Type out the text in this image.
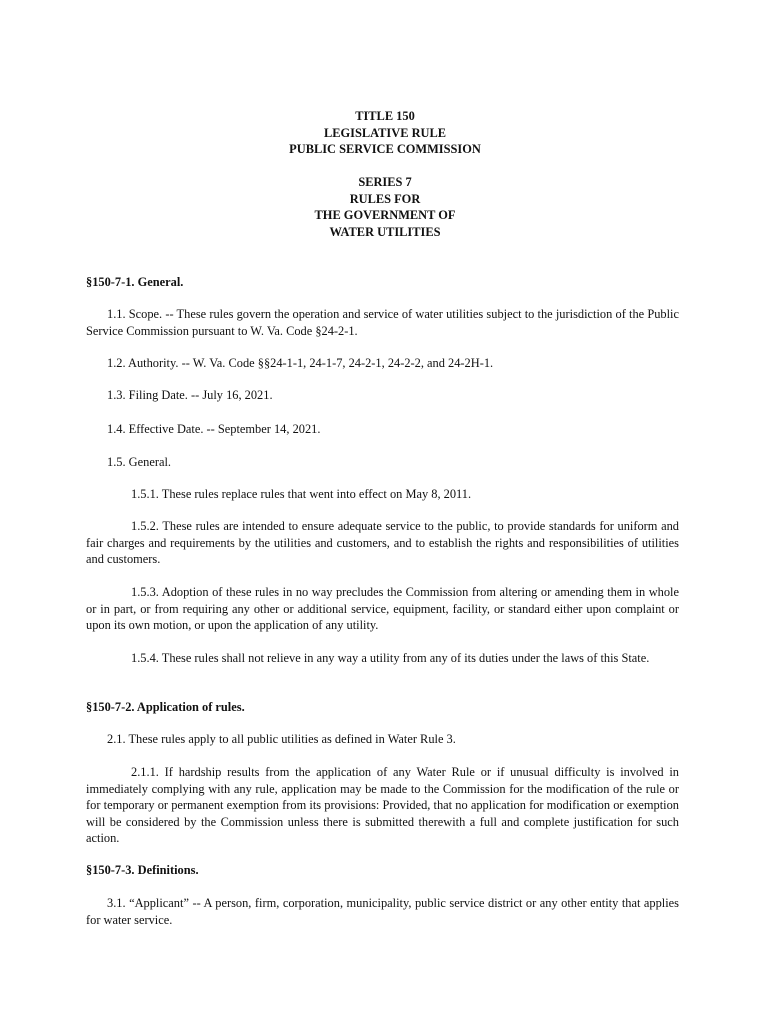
TITLE 150
LEGISLATIVE RULE
PUBLIC SERVICE COMMISSION
SERIES 7
RULES FOR
THE GOVERNMENT OF
WATER UTILITIES
§150-7-1. General.
1.1. Scope. -- These rules govern the operation and service of water utilities subject to the jurisdiction of the Public Service Commission pursuant to W. Va. Code §24-2-1.
1.2. Authority. -- W. Va. Code §§24-1-1, 24-1-7, 24-2-1, 24-2-2, and 24-2H-1.
1.3. Filing Date. -- July 16, 2021.
1.4. Effective Date. -- September 14, 2021.
1.5. General.
1.5.1. These rules replace rules that went into effect on May 8, 2011.
1.5.2. These rules are intended to ensure adequate service to the public, to provide standards for uniform and fair charges and requirements by the utilities and customers, and to establish the rights and responsibilities of utilities and customers.
1.5.3. Adoption of these rules in no way precludes the Commission from altering or amending them in whole or in part, or from requiring any other or additional service, equipment, facility, or standard either upon complaint or upon its own motion, or upon the application of any utility.
1.5.4. These rules shall not relieve in any way a utility from any of its duties under the laws of this State.
§150-7-2. Application of rules.
2.1. These rules apply to all public utilities as defined in Water Rule 3.
2.1.1. If hardship results from the application of any Water Rule or if unusual difficulty is involved in immediately complying with any rule, application may be made to the Commission for the modification of the rule or for temporary or permanent exemption from its provisions: Provided, that no application for modification or exemption will be considered by the Commission unless there is submitted therewith a full and complete justification for such action.
§150-7-3. Definitions.
3.1. “Applicant” -- A person, firm, corporation, municipality, public service district or any other entity that applies for water service.
